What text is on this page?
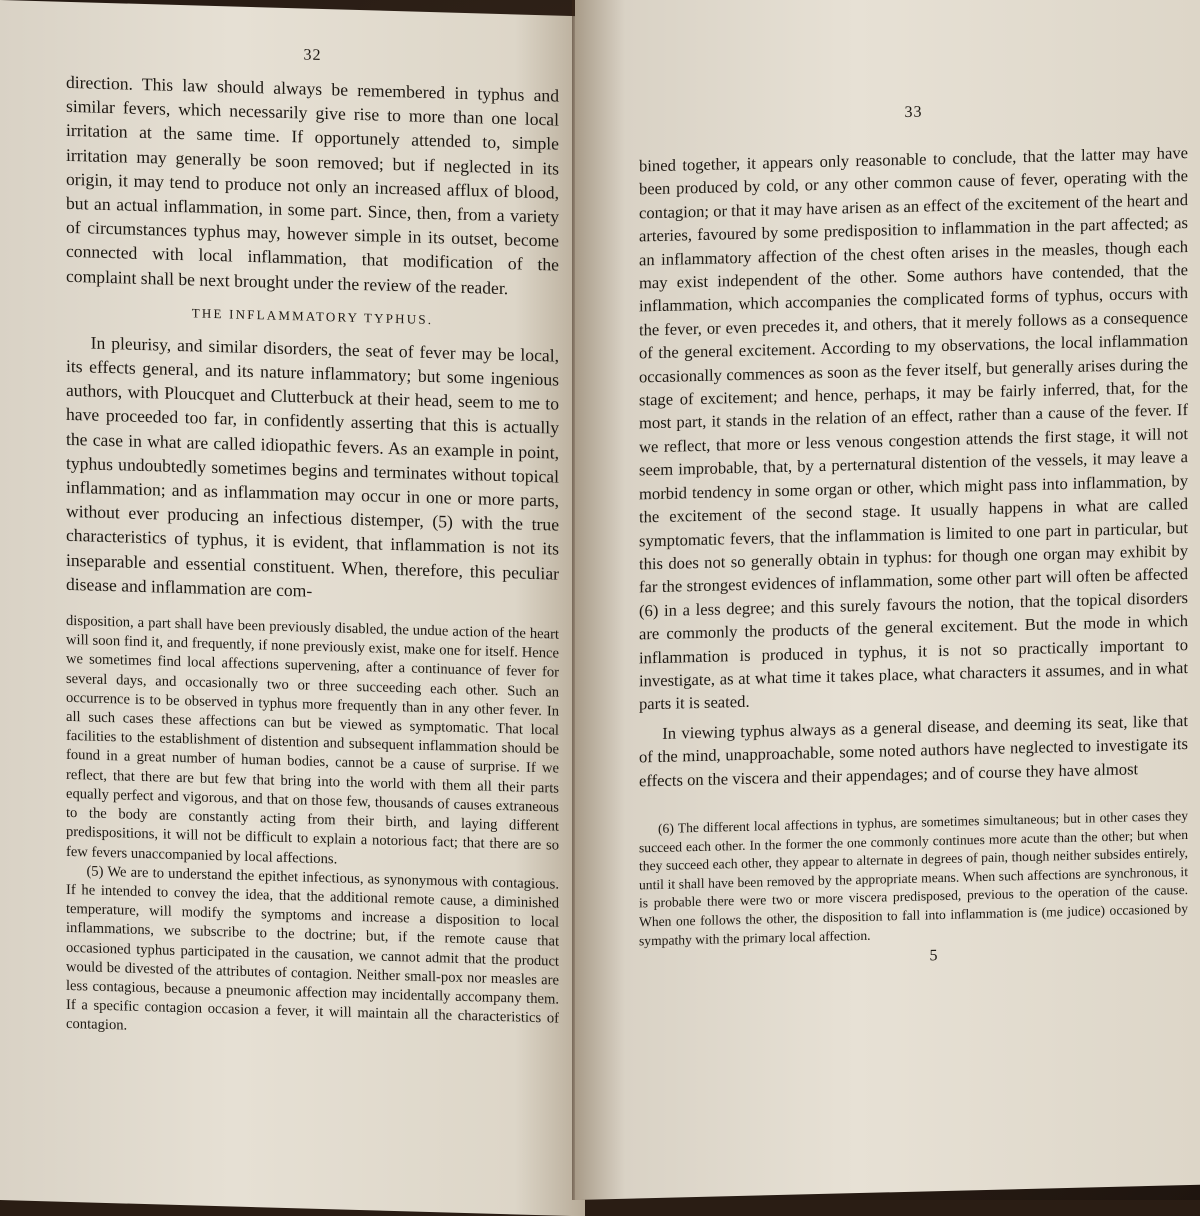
32

direction. This law should always be remembered in typhus and similar fevers, which necessarily give rise to more than one local irritation at the same time. If opportunely attended to, simple irritation may generally be soon removed; but if neglected in its origin, it may tend to produce not only an increased afflux of blood, but an actual inflammation, in some part. Since, then, from a variety of circumstances typhus may, however simple in its outset, become connected with local inflammation, that modification of the complaint shall be next brought under the review of the reader.

THE INFLAMMATORY TYPHUS.

In pleurisy, and similar disorders, the seat of fever may be local, its effects general, and its nature inflammatory; but some ingenious authors, with Ploucquet and Clutterbuck at their head, seem to me to have proceeded too far, in confidently asserting that this is actually the case in what are called idiopathic fevers. As an example in point, typhus undoubtedly sometimes begins and terminates without topical inflammation; and as inflammation may occur in one or more parts, without ever producing an infectious distemper, (5) with the true characteristics of typhus, it is evident, that inflammation is not its inseparable and essential constituent. When, therefore, this peculiar disease and inflammation are com-

disposition, a part shall have been previously disabled, the undue action of the heart will soon find it, and frequently, if none previously exist, make one for itself. Hence we sometimes find local affections supervening, after a continuance of fever for several days, and occasionally two or three succeeding each other. Such an occurrence is to be observed in typhus more frequently than in any other fever. In all such cases these affections can but be viewed as symptomatic. That local facilities to the establishment of distention and subsequent inflammation should be found in a great number of human bodies, cannot be a cause of surprise. If we reflect, that there are but few that bring into the world with them all their parts equally perfect and vigorous, and that on those few, thousands of causes extraneous to the body are constantly acting from their birth, and laying different predispositions, it will not be difficult to explain a notorious fact; that there are so few fevers unaccompanied by local affections.

(5) We are to understand the epithet infectious, as synonymous with contagious. If he intended to convey the idea, that the additional remote cause, a diminished temperature, will modify the symptoms and increase a disposition to local inflammations, we subscribe to the doctrine; but, if the remote cause that occasioned typhus participated in the causation, we cannot admit that the product would be divested of the attributes of contagion. Neither small-pox nor measles are less contagious, because a pneumonic affection may incidentally accompany them. If a specific contagion occasion a fever, it will maintain all the characteristics of contagion.

33

bined together, it appears only reasonable to conclude, that the latter may have been produced by cold, or any other common cause of fever, operating with the contagion; or that it may have arisen as an effect of the excitement of the heart and arteries, favoured by some predisposition to inflammation in the part affected; as an inflammatory affection of the chest often arises in the measles, though each may exist independent of the other. Some authors have contended, that the inflammation, which accompanies the complicated forms of typhus, occurs with the fever, or even precedes it, and others, that it merely follows as a consequence of the general excitement. According to my observations, the local inflammation occasionally commences as soon as the fever itself, but generally arises during the stage of excitement; and hence, perhaps, it may be fairly inferred, that, for the most part, it stands in the relation of an effect, rather than a cause of the fever. If we reflect, that more or less venous congestion attends the first stage, it will not seem improbable, that, by a perternatural distention of the vessels, it may leave a morbid tendency in some organ or other, which might pass into inflammation, by the excitement of the second stage. It usually happens in what are called symptomatic fevers, that the inflammation is limited to one part in particular, but this does not so generally obtain in typhus: for though one organ may exhibit by far the strongest evidences of inflammation, some other part will often be affected (6) in a less degree; and this surely favours the notion, that the topical disorders are commonly the products of the general excitement. But the mode in which inflammation is produced in typhus, it is not so practically important to investigate, as at what time it takes place, what characters it assumes, and in what parts it is seated.

In viewing typhus always as a general disease, and deeming its seat, like that of the mind, unapproachable, some noted authors have neglected to investigate its effects on the viscera and their appendages; and of course they have almost

(6) The different local affections in typhus, are sometimes simultaneous; but in other cases they succeed each other. In the former the one commonly continues more acute than the other; but when they succeed each other, they appear to alternate in degrees of pain, though neither subsides entirely, until it shall have been removed by the appropriate means. When such affections are synchronous, it is probable there were two or more viscera predisposed, previous to the operation of the cause. When one follows the other, the disposition to fall into inflammation is (me judice) occasioned by sympathy with the primary local affection.

5
